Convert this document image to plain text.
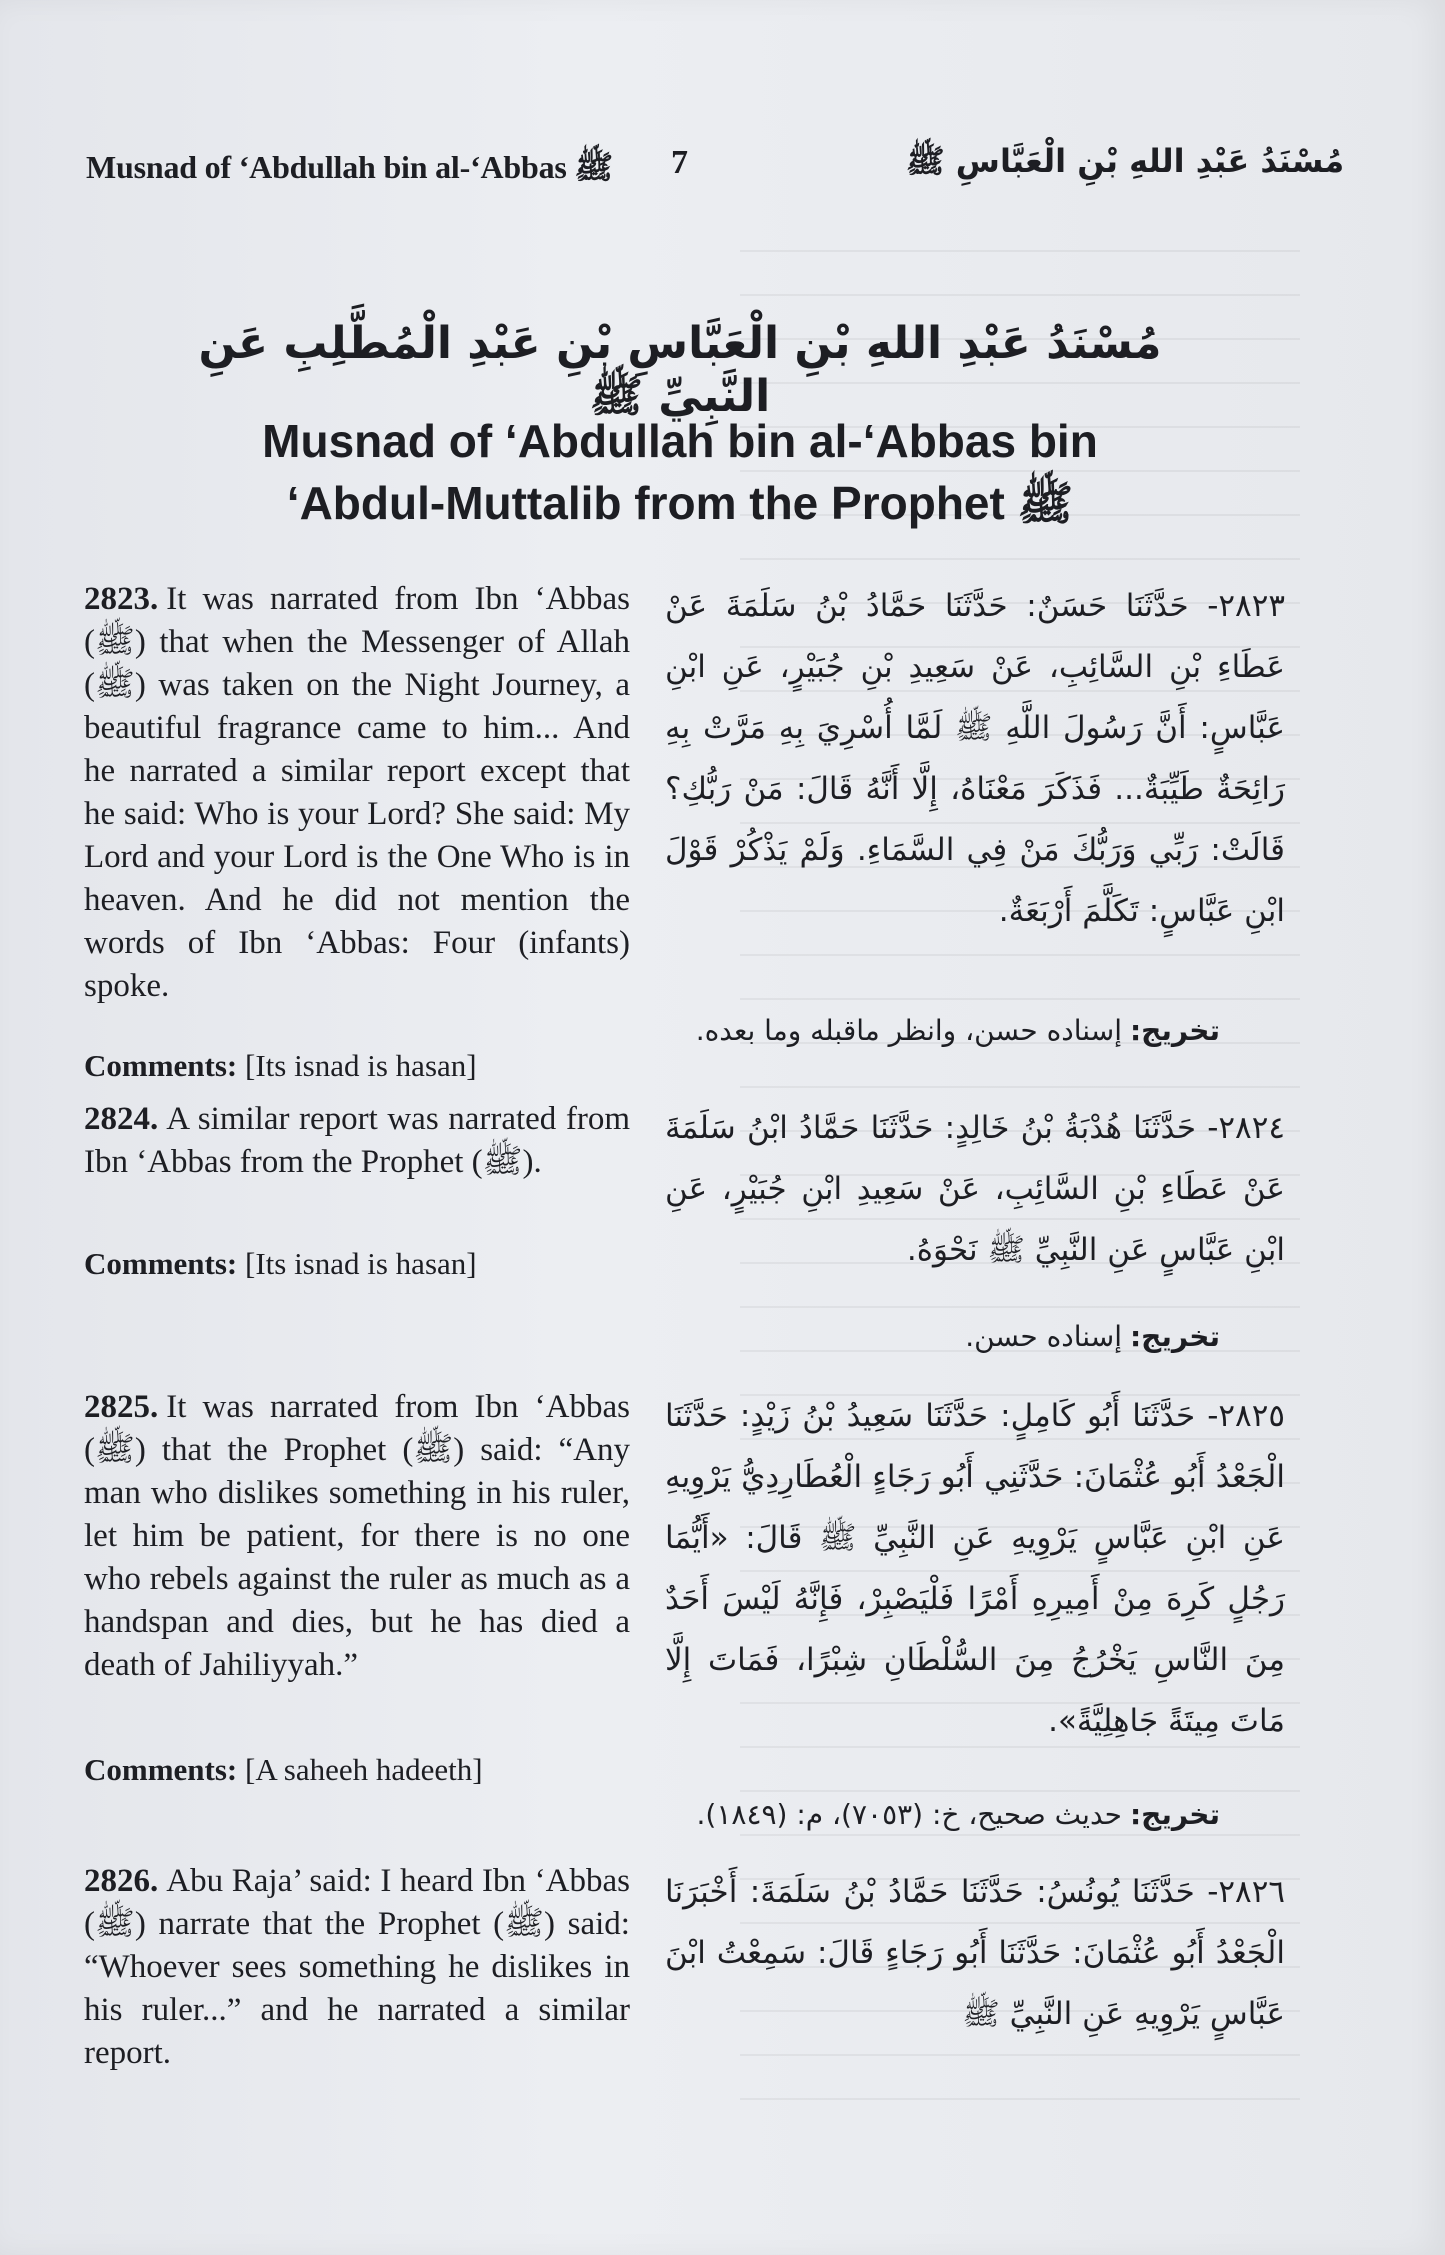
Musnad of ‘Abdullah bin al-‘Abbas ﷺ 7	مُسْنَدُ عَبْدِ اللهِ بْنِ الْعَبَّاسِ ﷺ
مُسْنَدُ عَبْدِ اللهِ بْنِ الْعَبَّاسِ بْنِ عَبْدِ الْمُطَّلِبِ عَنِ النَّبِيِّ ﷺ
Musnad of ‘Abdullah bin al-‘Abbas bin
‘Abdul-Muttalib from the Prophet ﷺ
2823. It was narrated from Ibn ‘Abbas (ﷺ) that when the Messenger of Allah (ﷺ) was taken on the Night Journey, a beautiful fragrance came to him... And he narrated a similar report except that he said: Who is your Lord? She said: My Lord and your Lord is the One Who is in heaven. And he did not mention the words of Ibn ‘Abbas: Four (infants) spoke.
Comments: [Its isnad is hasan]
٢٨٢٣- حَدَّثَنَا حَسَنٌ: حَدَّثَنَا حَمَّادُ بْنُ سَلَمَةَ عَنْ عَطَاءِ بْنِ السَّائِبِ، عَنْ سَعِيدِ بْنِ جُبَيْرٍ، عَنِ ابْنِ عَبَّاسٍ: أَنَّ رَسُولَ اللَّهِ ﷺ لَمَّا أُسْرِيَ بِهِ مَرَّتْ بِهِ رَائِحَةٌ طَيِّبَةٌ... فَذَكَرَ مَعْنَاهُ، إِلَّا أَنَّهُ قَالَ: مَنْ رَبُّكِ؟ قَالَتْ: رَبِّي وَرَبُّكَ مَنْ فِي السَّمَاءِ. وَلَمْ يَذْكُرْ قَوْلَ ابْنِ عَبَّاسٍ: تَكَلَّمَ أَرْبَعَةٌ.
تخريج:إسناده حسن، وانظر ماقبله وما بعده.
2824. A similar report was narrated from Ibn ‘Abbas from the Prophet (ﷺ).
Comments: [Its isnad is hasan]
٢٨٢٤- حَدَّثَنَا هُدْبَةُ بْنُ خَالِدٍ: حَدَّثَنَا حَمَّادُ ابْنُ سَلَمَةَ عَنْ عَطَاءِ بْنِ السَّائِبِ، عَنْ سَعِيدِ ابْنِ جُبَيْرٍ، عَنِ ابْنِ عَبَّاسٍ عَنِ النَّبِيِّ ﷺ نَحْوَهُ.
تخريج:إسناده حسن.
2825. It was narrated from Ibn ‘Abbas (ﷺ) that the Prophet (ﷺ) said: “Any man who dislikes something in his ruler, let him be patient, for there is no one who rebels against the ruler as much as a handspan and dies, but he has died a death of Jahiliyyah.”
Comments: [A saheeh hadeeth]
٢٨٢٥- حَدَّثَنَا أَبُو كَامِلٍ: حَدَّثَنَا سَعِيدُ بْنُ زَيْدٍ: حَدَّثَنَا الْجَعْدُ أَبُو عُثْمَانَ: حَدَّثَنِي أَبُو رَجَاءٍ الْعُطَارِدِيُّ يَرْوِيهِ عَنِ ابْنِ عَبَّاسٍ يَرْوِيهِ عَنِ النَّبِيِّ ﷺ قَالَ: «أَيُّمَا رَجُلٍ كَرِهَ مِنْ أَمِيرِهِ أَمْرًا فَلْيَصْبِرْ، فَإِنَّهُ لَيْسَ أَحَدٌ مِنَ النَّاسِ يَخْرُجُ مِنَ السُّلْطَانِ شِبْرًا، فَمَاتَ إِلَّا مَاتَ مِيتَةً جَاهِلِيَّةً».
تخريج:حديث صحيح، خ: (٧٠٥٣)، م: (١٨٤٩).
2826. Abu Raja’ said: I heard Ibn ‘Abbas (ﷺ) narrate that the Prophet (ﷺ) said: “Whoever sees something he dislikes in his ruler...” and he narrated a similar report.
٢٨٢٦- حَدَّثَنَا يُونُسُ: حَدَّثَنَا حَمَّادُ بْنُ سَلَمَةَ: أَخْبَرَنَا الْجَعْدُ أَبُو عُثْمَانَ: حَدَّثَنَا أَبُو رَجَاءٍ قَالَ: سَمِعْتُ ابْنَ عَبَّاسٍ يَرْوِيهِ عَنِ النَّبِيِّ ﷺ
